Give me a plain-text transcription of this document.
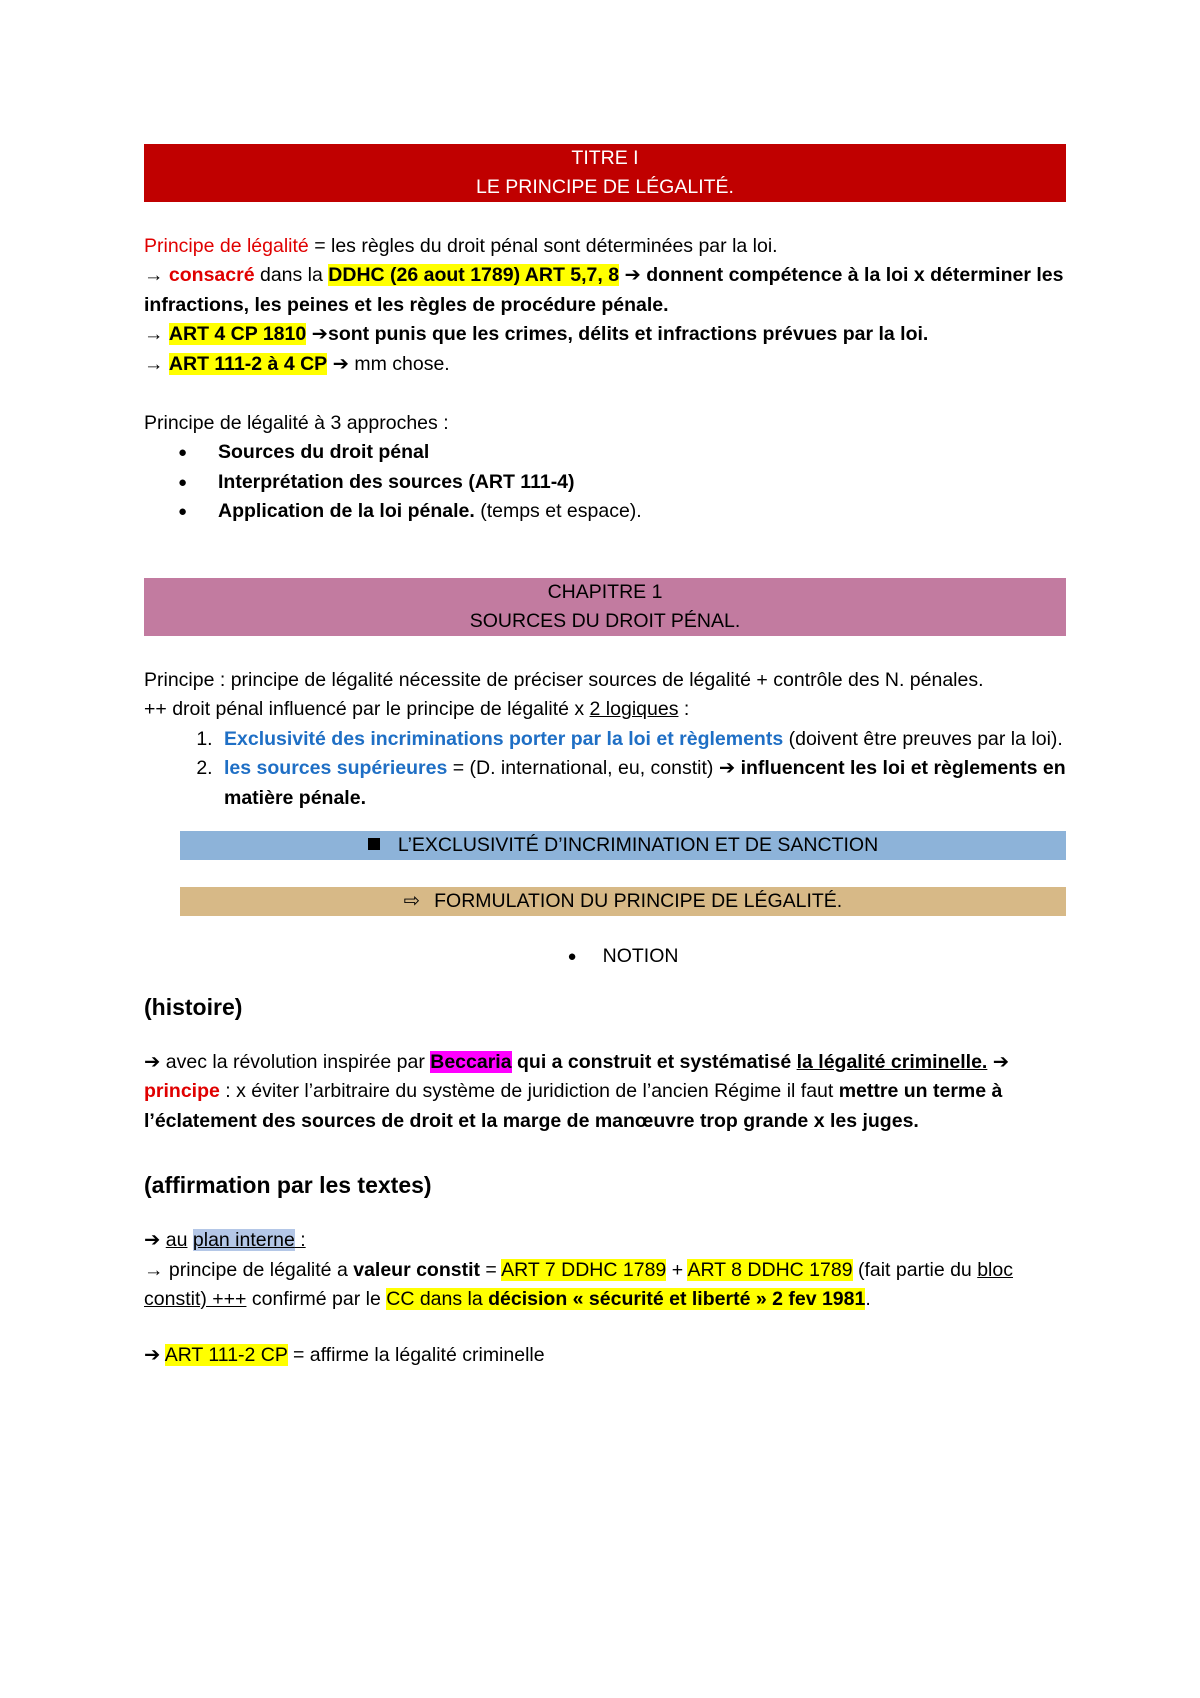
TITRE I
LE PRINCIPE DE LÉGALITÉ.

Principe de légalité = les règles du droit pénal sont déterminées par la loi.

→ consacré dans la DDHC (26 aout 1789) ART 5,7, 8 ➔ donnent compétence à la loi x déterminer les infractions, les peines et les règles de procédure pénale.

→ ART 4 CP 1810 ➔sont punis que les crimes, délits et infractions prévues par la loi.

→ ART 111-2 à 4 CP ➔ mm chose.

Principe de légalité à 3 approches :

● Sources du droit pénal
● Interprétation des sources (ART 111-4)
● Application de la loi pénale. (temps et espace).
CHAPITRE 1
SOURCES DU DROIT PÉNAL.

Principe : principe de légalité nécessite de préciser sources de légalité + contrôle des N. pénales.

++ droit pénal influencé par le principe de légalité x 2 logiques :

1. Exclusivité des incriminations porter par la loi et règlements (doivent être preuves par la loi).
2. les sources supérieures = (D. international, eu, constit) ➔ influencent les loi et règlements en matière pénale.
L’EXCLUSIVITÉ D’INCRIMINATION ET DE SANCTION
⇨ FORMULATION DU PRINCIPE DE LÉGALITÉ.
● NOTION

(histoire)

➔ avec la révolution inspirée par Beccaria qui a construit et systématisé la légalité criminelle. ➔ principe : x éviter l’arbitraire du système de juridiction de l’ancien Régime il faut mettre un terme à l’éclatement des sources de droit et la marge de manœuvre trop grande x les juges.

(affirmation par les textes)

➔ au plan interne :

→ principe de légalité a valeur constit = ART 7 DDHC 1789 + ART 8 DDHC 1789 (fait partie du bloc constit) +++ confirmé par le CC dans la décision « sécurité et liberté » 2 fev 1981.

➔ ART 111-2 CP = affirme la légalité criminelle
